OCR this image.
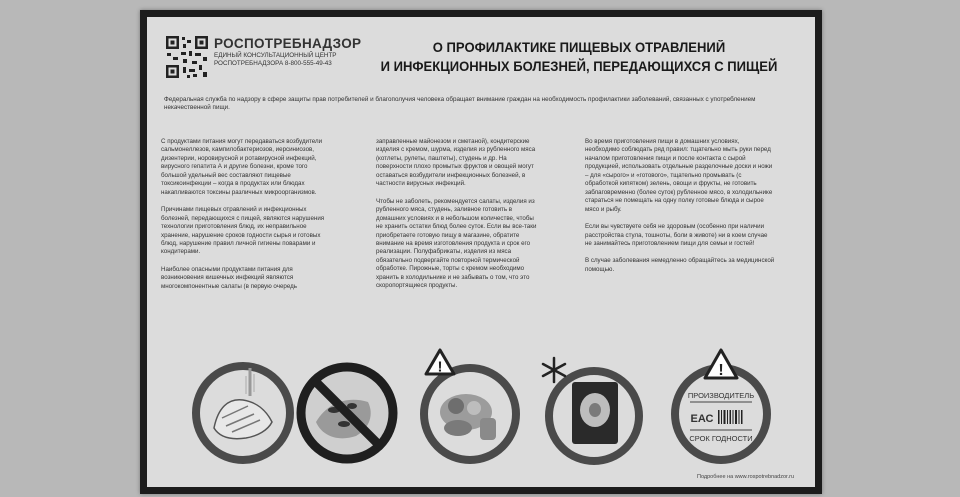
РОСПОТРЕБНАДЗОР
ЕДИНЫЙ КОНСУЛЬТАЦИОННЫЙ ЦЕНТР
РОСПОТРЕБНАДЗОРА 8-800-555-49-43
О ПРОФИЛАКТИКЕ ПИЩЕВЫХ ОТРАВЛЕНИЙ
И ИНФЕКЦИОННЫХ БОЛЕЗНЕЙ, ПЕРЕДАЮЩИХСЯ С ПИЩЕЙ
Федеральная служба по надзору в сфере защиты прав потребителей и благополучия человека обращает внимание граждан на необходимость профилактики заболеваний, связанных с употреблением некачественной пищи.

С продуктами питания могут передаваться возбудители сальмонеллезов, кампилобактериозов, иерсиниозов, дизентерии, норовирусной и ротавирусной инфекций, вирусного гепатита А и другие болезни, кроме того большой удельный вес составляют пищевые токсикоинфекции – когда в продуктах или блюдах накапливаются токсины различных микроорганизмов.

Причинами пищевых отравлений и инфекционных болезней, передающихся с пищей, являются нарушения технологии приготовления блюд, их неправильное хранение, нарушение сроков годности сырья и готовых блюд, нарушение правил личной гигиены поварами и кондитерами.

Наиболее опасными продуктами питания для возникновения кишечных инфекций являются многокомпонентные салаты (в первую очередь

заправленные майонезом и сметаной), кондитерские изделия с кремом, шурма, изделия из рубленного мяса (котлеты, рулеты, паштеты), студень и др. На поверхности плохо промытых фруктов и овощей могут оставаться возбудители инфекционных болезней, в частности вирусных инфекций.

Чтобы не заболеть, рекомендуется салаты, изделия из рубленного мяса, студень, заливное готовить в домашних условиях и в небольшом количестве, чтобы не хранить остатки блюд более суток. Если вы все-таки приобретаете готовую пищу в магазине, обратите внимание на время изготовления продукта и срок его реализации. Полуфабрикаты, изделия из мяса обязательно подвергайте повторной термической обработке. Пирожные, торты с кремом необходимо хранить в холодильнике и не забывать о том, что это скоропортящиеся продукты.

Во время приготовления пищи в домашних условиях, необходимо соблюдать ряд правил: тщательно мыть руки перед началом приготовления пищи и после контакта с сырой продукцией, использовать отдельные разделочные доски и ножи – для «сырого» и «готового», тщательно промывать (с обработкой кипятком) зелень, овощи и фрукты, не готовить заблаговременно (более суток) рубленное мясо, в холодильнике стараться не помещать на одну полку готовые блюда и сырое мясо и рыбу.

Если вы чувствуете себя не здоровым (особенно при наличии расстройства стула, тошноты, боли в животе) ни в коем случае не занимайтесь приготовлением пищи для семьи и гостей!

В случае заболевания немедленно обращайтесь за медицинской помощью.

!	!
ПРОИЗВОДИТЕЛЬ
ЕАС
СРОК ГОДНОСТИ
Подробнее на www.rospotrebnadzor.ru
